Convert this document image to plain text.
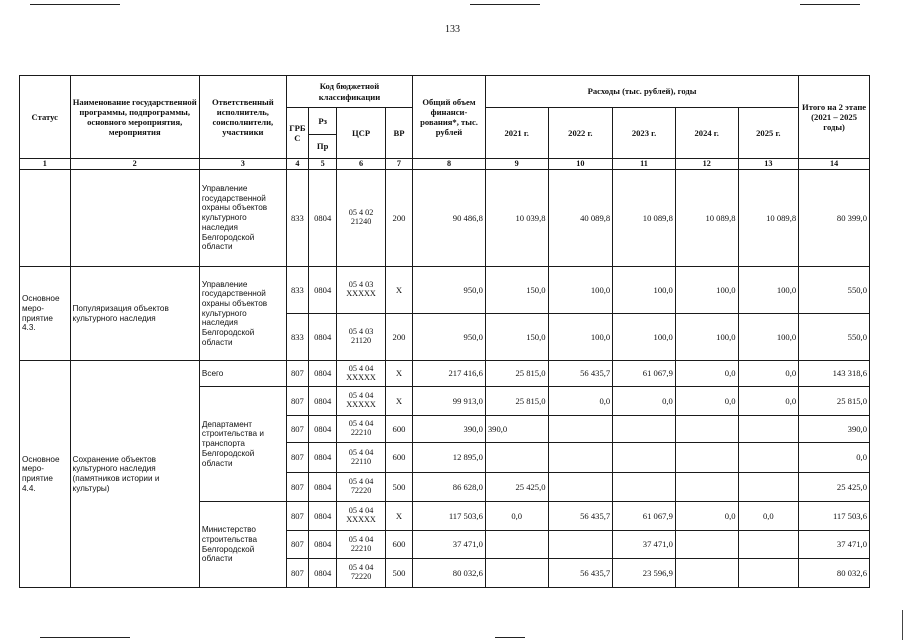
133
Статус	Наименование государственной программы, подпрограммы, основного мероприятия, мероприятия	Ответственный исполнитель, соисполнители, участники	Код бюджетной классификации				Общий объем финанси- рования*, тыс. рублей	Расходы (тыс. рублей), годы					Итого на 2 этапе (2021 – 2025 годы)
			ГРБ С	Рз	ЦСР	ВР		2021 г.	2022 г.	2023 г.	2024 г.	2025 г.	
				Пр									
1	2	3	4	5	6	7	8	9	10	11	12	13	14
		Управление государственной охраны объектов культурного наследия Белгородской области	833	0804	05 4 02 21240	200	90 486,8	10 039,8	40 089,8	10 089,8	10 089,8	10 089,8	80 399,0
Основное меро- приятие 4.3.	Популяризация объектов культурного наследия	Управление государственной охраны объектов культурного наследия Белгородской области	833	0804	05 4 03 XXXXX	X	950,0	150,0	100,0	100,0	100,0	100,0	550,0
			833	0804	05 4 03 21120	200	950,0	150,0	100,0	100,0	100,0	100,0	550,0
Основное меро- приятие 4.4.	Сохранение объектов культурного наследия (памятников истории и культуры)	Всего	807	0804	05 4 04 XXXXX	X	217 416,6	25 815,0	56 435,7	61 067,9	0,0	0,0	143 318,6
		Департамент строительства и транспорта Белгородской области	807	0804	05 4 04 XXXXX	X	99 913,0	25 815,0	0,0	0,0	0,0	0,0	25 815,0
			807	0804	05 4 04 22210	600	390,0	390,0					390,0
			807	0804	05 4 04 22110	600	12 895,0						0,0
			807	0804	05 4 04 72220	500	86 628,0	25 425,0					25 425,0
		Министерство строительства Белгородской области	807	0804	05 4 04 XXXXX	X	117 503,6	0,0	56 435,7	61 067,9	0,0	0,0	117 503,6
			807	0804	05 4 04 22210	600	37 471,0			37 471,0			37 471,0
			807	0804	05 4 04 72220	500	80 032,6		56 435,7	23 596,9			80 032,6
